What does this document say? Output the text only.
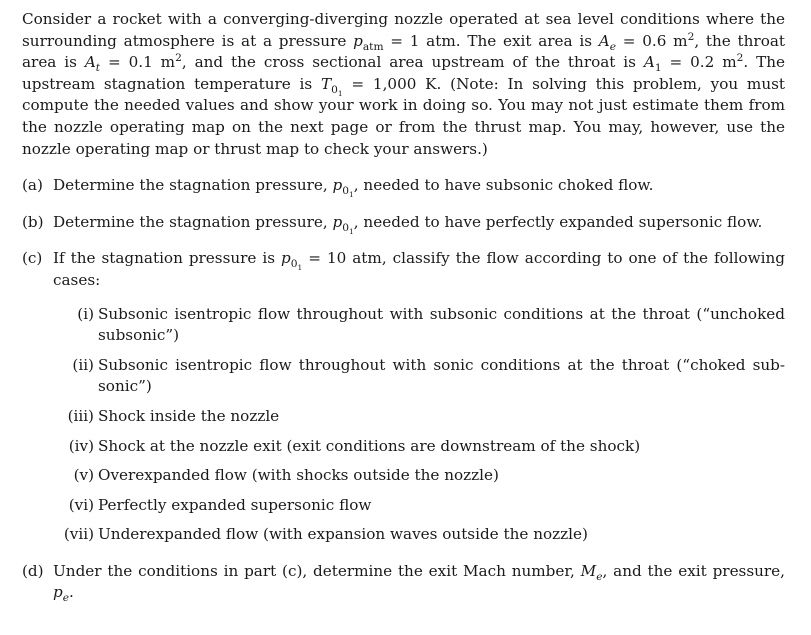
Consider a rocket with a converging-diverging nozzle operated at sea level conditions where the surrounding atmosphere is at a pressure $p_{atm} = 1$ atm. The exit area is $A_e = 0.6$ $m^2$, the throat area is $A_t = 0.1$ $m^2$, and the cross sectional area upstream of the throat is $A_1 = 0.2$ $m^2$. The upstream stagnation temperature is $T_{0_1} = 1,000$ K. (Note: In solving this problem, you must compute the needed values and show your work in doing so. You may not just estimate them from the nozzle operating map on the next page or from the thrust map. You may, however, use the nozzle operating map or thrust map to check your answers.)

(a) Determine the stagnation pressure, $p_{0_1}$, needed to have subsonic choked flow.

(b) Determine the stagnation pressure, $p_{0_1}$, needed to have perfectly expanded supersonic flow.

(c) If the stagnation pressure is $p_{0_1} = 10$ atm, classify the flow according to one of the following cases:

(i) Subsonic isentropic flow throughout with subsonic conditions at the throat (“unchoked subsonic”)
(ii) Subsonic isentropic flow throughout with sonic conditions at the throat (“choked sub-sonic”)
(iii) Shock inside the nozzle
(iv) Shock at the nozzle exit (exit conditions are downstream of the shock)
(v) Overexpanded flow (with shocks outside the nozzle)
(vi) Perfectly expanded supersonic flow
(vii) Underexpanded flow (with expansion waves outside the nozzle)
(d) Under the conditions in part (c), determine the exit Mach number, $M_e$, and the exit pressure, $p_e$.
